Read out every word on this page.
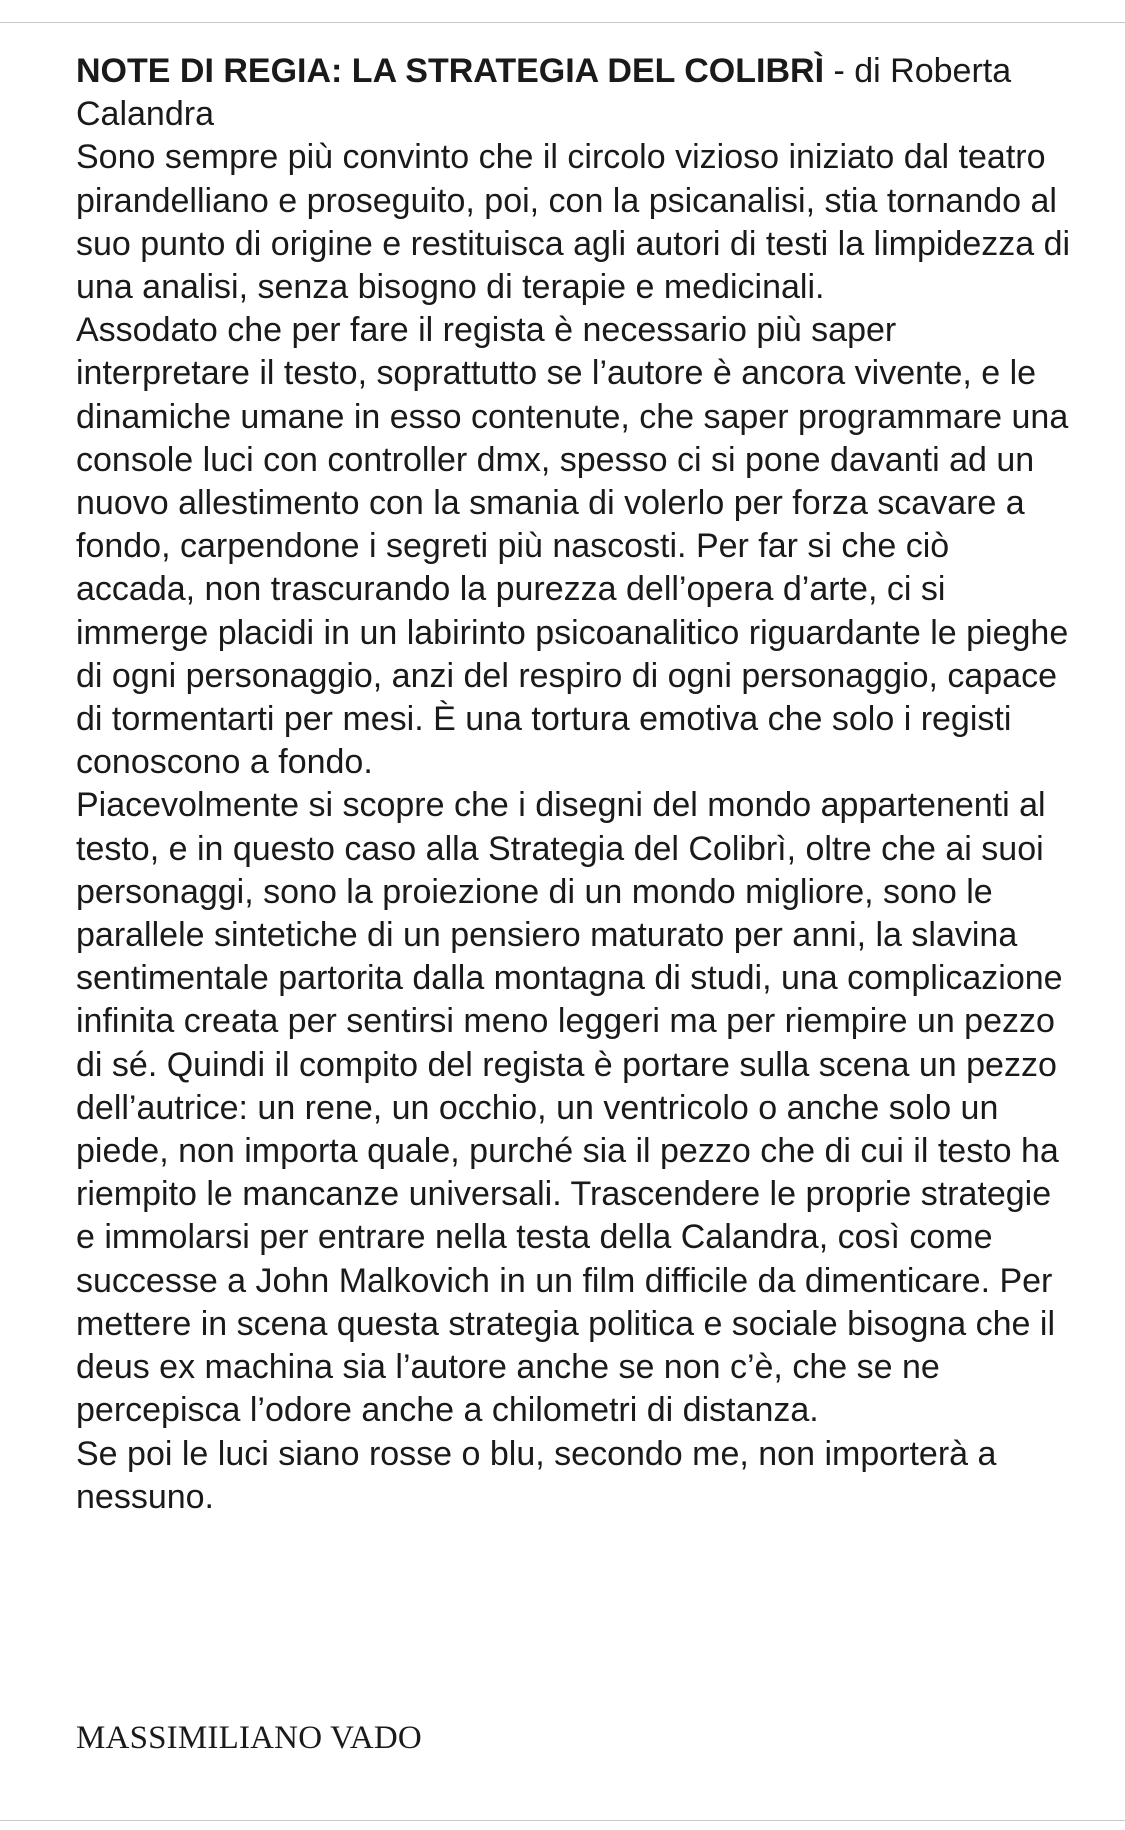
NOTE DI REGIA: LA STRATEGIA DEL COLIBRÌ - di Roberta Calandra

Sono sempre più convinto che il circolo vizioso iniziato dal teatro pirandelliano e proseguito, poi, con la psicanalisi, stia tornando al suo punto di origine e restituisca agli autori di testi la limpidezza di una analisi, senza bisogno di terapie e medicinali.

Assodato che per fare il regista è necessario più saper interpretare il testo, soprattutto se l’autore è ancora vivente, e le dinamiche umane in esso contenute, che saper programmare una console luci con controller dmx, spesso ci si pone davanti ad un nuovo allestimento con la smania di volerlo per forza scavare a fondo, carpendone i segreti più nascosti. Per far si che ciò accada, non trascurando la purezza dell’opera d’arte, ci si immerge placidi in un labirinto psicoanalitico riguardante le pieghe di ogni personaggio, anzi del respiro di ogni personaggio, capace di tormentarti per mesi. È una tortura emotiva che solo i registi conoscono a fondo.

Piacevolmente si scopre che i disegni del mondo appartenenti al testo, e in questo caso alla Strategia del Colibrì, oltre che ai suoi personaggi, sono la proiezione di un mondo migliore, sono le parallele sintetiche di un pensiero maturato per anni, la slavina sentimentale partorita dalla montagna di studi, una complicazione infinita creata per sentirsi meno leggeri ma per riempire un pezzo di sé. Quindi il compito del regista è portare sulla scena un pezzo dell’autrice: un rene, un occhio, un ventricolo o anche solo un piede, non importa quale, purché sia il pezzo che di cui il testo ha riempito le mancanze universali. Trascendere le proprie strategie e immolarsi per entrare nella testa della Calandra, così come successe a John Malkovich in un film difficile da dimenticare. Per mettere in scena questa strategia politica e sociale bisogna che il deus ex machina sia l’autore anche se non c’è, che se ne percepisca l’odore anche a chilometri di distanza.

Se poi le luci siano rosse o blu, secondo me, non importerà a nessuno.

MASSIMILIANO VADO
